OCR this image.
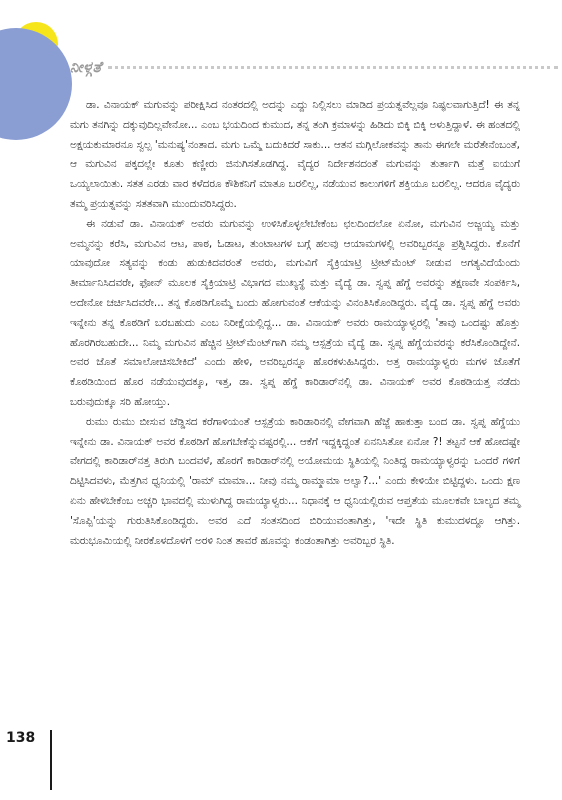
ನೀಳ್ಗತೆ

ಡಾ. ವಿನಾಯಕ್ ಮಗುವನ್ನು ಪರೀಕ್ಷಿಸಿದ ನಂತರದಲ್ಲಿ ಅದನ್ನು ಎದ್ದು ನಿಲ್ಲಿಸಲು ಮಾಡಿದ ಪ್ರಯತ್ನವೆಲ್ಲವೂ ನಿಷ್ಫಲವಾಗುತ್ತಿದೆ! ಈ ತನ್ನ ಮಗು ತನಗಿನ್ನು ದಕ್ಕುವುದಿಲ್ಲವೇನೋ... ಎಂಬ ಭಯದಿಂದ ಕುಮುದ, ತನ್ನ ತಂಗಿ ಕ್ರಮಾಳನ್ನು ಹಿಡಿದು ಬಿಕ್ಕಿ ಬಿಕ್ಕಿ ಅಳುತ್ತಿದ್ದಾಳೆ. ಈ ಹಂತದಲ್ಲಿ ಅಕ್ಷಯಕುಮಾರನೂ ಸ್ವಲ್ಪ 'ಮನುಷ್ಯ'ನಂತಾದ. ಮಗು ಒಮ್ಮೆ ಬದುಕಿದರೆ ಸಾಕು... ಆತನ ಮಗ್ಗಿಲೋಕವನ್ನು ತಾನು ಈಗಲೇ ಮರೆತೇನೆಂಬಂತೆ, ಆ ಮಗುವಿನ ಪಕ್ಕದಲ್ಲೇ ಕೂತು ಕಣ್ಣೀರು ಜಿನುಗಿಸತೊಡಗಿದ್ದ. ವೈದ್ಯರ ನಿರ್ದೇಶನದಂತೆ ಮಗುವನ್ನು ತುರ್ತಾಗಿ ಮತ್ತೆ ಐಯುಗೆ ಒಯ್ಯಲಾಯಿತು. ಸತತ ಎರಡು ವಾರ ಕಳೆದರೂ ಕೌಶಿಕನಿಗೆ ಮಾತೂ ಬರಲಿಲ್ಲ, ನಡೆಯುವ ಕಾಲುಗಳಿಗೆ ಶಕ್ತಿಯೂ ಬರಲಿಲ್ಲ. ಆದರೂ ವೈದ್ಯರು ತಮ್ಮ ಪ್ರಯತ್ನವನ್ನು ಸತತವಾಗಿ ಮುಂದುವರಿಸಿದ್ದರು.

ಈ ನಡುವೆ ಡಾ. ವಿನಾಯಕ್ ಅವರು ಮಗುವನ್ನು ಉಳಿಸಿಕೊಳ್ಳಲೇಬೇಕೆಂಬ ಛಲದಿಂದಲೋ ಏನೋ, ಮಗುವಿನ ಅಜ್ಜಯ್ಯ ಮತ್ತು ಅಮ್ಮನನ್ನು ಕರೆಸಿ, ಮಗುವಿನ ಆಟ, ಪಾಠ, ಓಡಾಟ, ತುಂಟಾಟಗಳ ಬಗ್ಗೆ ಹಲವು ಆಯಾಮಗಳಲ್ಲಿ ಅವರಿಬ್ಬರನ್ನೂ ಪ್ರಶ್ನಿಸಿದ್ದರು. ಕೊನೆಗೆ ಯಾವುದೋ ಸತ್ಯವನ್ನು ಕಂಡು ಹುಡುಕಿದವರಂತೆ ಅವರು, ಮಗುವಿಗೆ ಸೈಕ್ರಿಯಾಟ್ರಿ ಟ್ರೀಟ್‌ಮೆಂಟ್ ನೀಡುವ ಅಗತ್ಯವಿದೆಯೆಂದು ತೀರ್ಮಾನಿಸಿದವರೇ, ಫೋನ್ ಮೂಲಕ ಸೈಕ್ರಿಯಾಟ್ರಿ ವಿಭಾಗದ ಮುಖ್ಯಸ್ಥೆ ಮತ್ತು ವೈದ್ಯೆ ಡಾ. ಸ್ವಪ್ನ ಹೆಗ್ಡೆ ಅವರನ್ನು ತಕ್ಷಣವೇ ಸಂಪರ್ಕಿಸಿ, ಅದೇನೋ ಚರ್ಚಿಸಿದವರೇ... ತನ್ನ ಕೊಠಡಿಗೊಮ್ಮೆ ಬಂದು ಹೋಗುವಂತೆ ಆಕೆಯನ್ನು ವಿನಂತಿಸಿಕೊಂಡಿದ್ದರು. ವೈದ್ಯೆ ಡಾ. ಸ್ವಪ್ನ ಹೆಗ್ಡೆ ಅವರು ಇನ್ನೇನು ತನ್ನ ಕೊಠಡಿಗೆ ಬರಬಹುದು ಎಂಬ ನಿರೀಕ್ಷೆಯಲ್ಲಿದ್ದ... ಡಾ. ವಿನಾಯಕ್ ಅವರು ರಾಮಯ್ಯಾಳ್ವರಲ್ಲಿ 'ತಾವು ಒಂದಷ್ಟು ಹೊತ್ತು ಹೊರಗಿರಬಹುದೇ... ನಿಮ್ಮ ಮಗುವಿನ ಹೆಚ್ಚಿನ ಟ್ರೀಟ್‌ಮೆಂಟ್‌ಗಾಗಿ ನಮ್ಮ ಆಸ್ಪತ್ರೆಯ ವೈದ್ಯೆ ಡಾ. ಸ್ವಪ್ನ ಹೆಗ್ಡೆಯವರನ್ನು ಕರೆಸಿಕೊಂಡಿದ್ದೇನೆ. ಅವರ ಜೊತೆ ಸಮಾಲೋಚಿಸಬೇಕಿದೆ' ಎಂದು ಹೇಳಿ, ಅವರಿಬ್ಬರನ್ನೂ ಹೊರಕಳುಹಿಸಿದ್ದರು. ಅತ್ತ ರಾಮಯ್ಯಾಳ್ವರು ಮಗಳ ಜೊತೆಗೆ ಕೊಠಡಿಯಿಂದ ಹೊರ ನಡೆಯುವುದಕ್ಕೂ, ಇತ್ತ, ಡಾ. ಸ್ವಪ್ನ ಹೆಗ್ಡೆ ಕಾರಿಡಾರ್‌ನಲ್ಲಿ ಡಾ. ವಿನಾಯಕ್ ಅವರ ಕೊಠಡಿಯತ್ತ ನಡೆದು ಬರುವುದುಕ್ಕೂ ಸರಿ ಹೋಯ್ತು.

ರುಮು ರುಮು ಬೀಸುವ ಚೆಡ್ಡಿಸದ ಕರೆಗಾಳಿಯಂತೆ ಆಸ್ಪತ್ರೆಯ ಕಾರಿಡಾರಿನಲ್ಲಿ ವೇಗವಾಗಿ ಹೆಜ್ಜೆ ಹಾಕುತ್ತಾ ಬಂದ ಡಾ. ಸ್ವಪ್ನ ಹೆಗ್ಡೆಯು ಇನ್ನೇನು ಡಾ. ವಿನಾಯಕ್ ಅವರ ಕೊಠಡಿಗೆ ಹೊಗಬೇಕೆನ್ನುವಷ್ಟರಲ್ಲಿ... ಆಕೆಗೆ ಇದ್ದಕ್ಕಿದ್ದಂತೆ ಏನನಿಸಿತೋ ಏನೋ ?! ತಟ್ಟನೆ ಆಕೆ ಹೋದಷ್ಟೇ ವೇಗದಲ್ಲಿ ಕಾರಿಡಾರ್‌ನತ್ತ ತಿರುಗಿ ಬಂದವಳೆ, ಹೊರಗೆ ಕಾರಿಡಾರ್‌ನಲ್ಲಿ ಅಯೋಮಯ ಸ್ಥಿತಿಯಲ್ಲಿ ನಿಂತಿದ್ದ ರಾಮಯ್ಯಾಳ್ವರನ್ನು ಒಂದರೆ ಗಳಿಗೆ ದಿಟ್ಟಿಸಿದವಳು, ಮೆತ್ತಗಿನ ಧ್ವನಿಯಲ್ಲಿ 'ರಾಮ್ ಮಾಮಾ... ನೀವು ನಮ್ಮ ರಾಮ್ಮಾಮಾ ಅಲ್ವಾ?...' ಎಂದು ಕೇಳಿಯೇ ಬಿಟ್ಟಿದ್ದಳು. ಒಂದು ಕ್ಷಣ ಏನು ಹೇಳಬೇಕೆಂಬ ಅಚ್ಚರಿ ಭಾವದಲ್ಲಿ ಮುಳುಗಿದ್ದ ರಾಮಯ್ಯಾಳ್ವರು... ನಿಧಾನಕ್ಕೆ ಆ ಧ್ವನಿಯಲ್ಲಿರುವ ಆಪ್ತತೆಯ ಮೂಲಕವೇ ಬಾಲ್ಯದ ತಮ್ಮ 'ಸೊಪ್ಪಿ'ಯನ್ನು ಗುರುತಿಸಿಕೊಂಡಿದ್ದರು. ಅವರ ಎದೆ ಸಂತಸದಿಂದ ಬಿರಿಯುವಂತಾಗಿತ್ತು, 'ಇದೇ ಸ್ಥಿತಿ ಕುಮುದಳದ್ದೂ ಆಗಿತ್ತು. ಮರುಭೂಮಿಯಲ್ಲಿ ನೀರಕೊಳದೊಳಗೆ ಅರಳಿ ನಿಂತ ತಾವರೆ ಹೂವನ್ನು ಕಂಡಂತಾಗಿತ್ತು ಅವರಿಬ್ಬರ ಸ್ಥಿತಿ.

138
